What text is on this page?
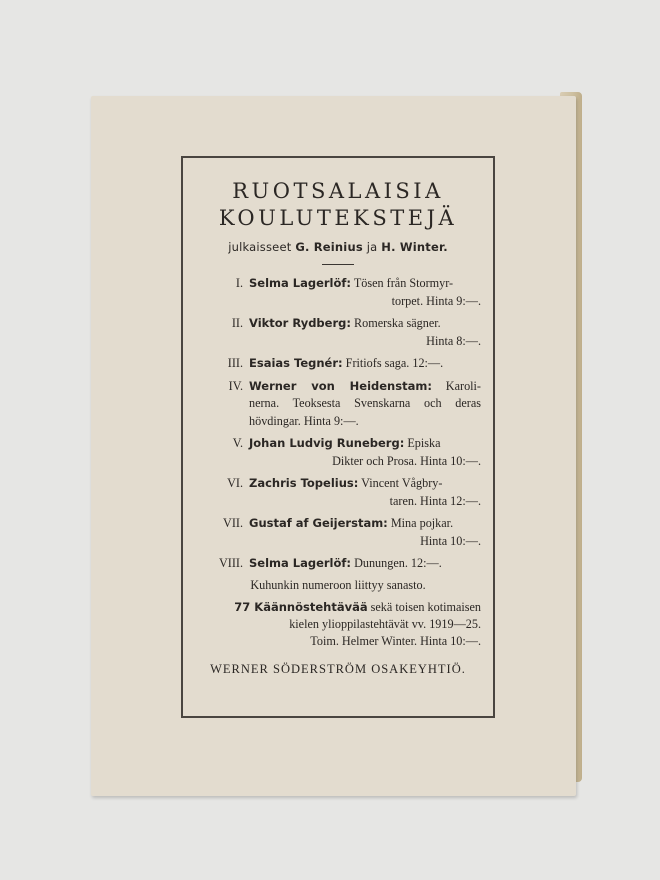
RUOTSALAISIA
KOULUTEKSTEJÄ
julkaisseet G. Reinius ja H. Winter.
I. Selma Lagerlöf: Tösen från Stormyr-
torpet. Hinta 9:—.
II. Viktor Rydberg: Romerska sägner.
Hinta 8:—.
III. Esaias Tegnér: Fritiofs saga. 12:—.
IV. Werner von Heidenstam: Karoli- nerna. Teoksesta Svenskarna och deras hövdingar. Hinta 9:—.
V. Johan Ludvig Runeberg: Episka
Dikter och Prosa. Hinta 10:—.
VI. Zachris Topelius: Vincent Vågbry-
taren. Hinta 12:—.
VII. Gustaf af Geijerstam: Mina pojkar.
Hinta 10:—.
VIII. Selma Lagerlöf: Dunungen. 12:—.
Kuhunkin numeroon liittyy sanasto.
77 Käännöstehtävää sekä toisen kotimaisen
kielen ylioppilastehtävät vv. 1919—25.
Toim. Helmer Winter. Hinta 10:—.
WERNER SÖDERSTRÖM OSAKEYHTIÖ.
